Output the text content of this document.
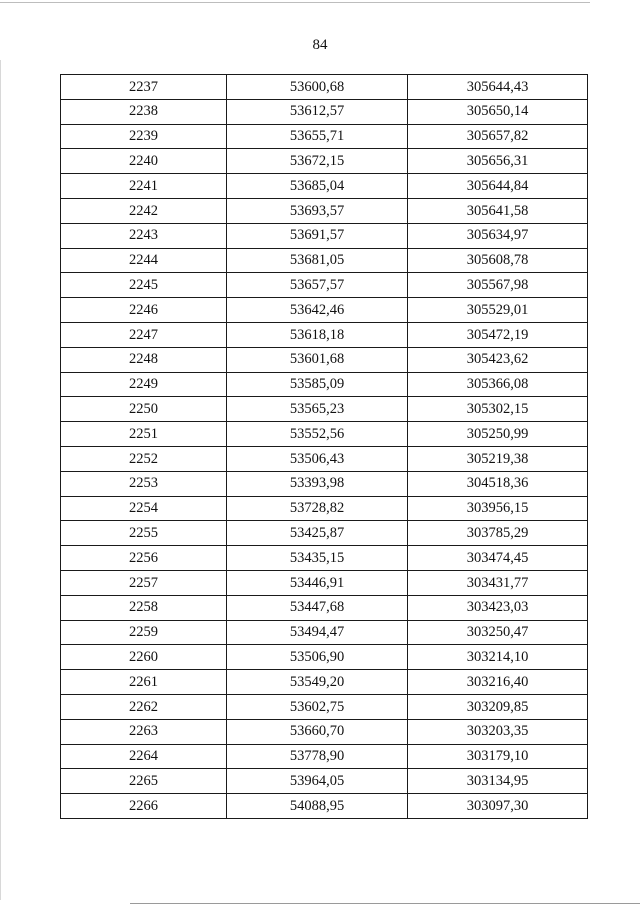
84
2237	53600,68	305644,43
2238	53612,57	305650,14
2239	53655,71	305657,82
2240	53672,15	305656,31
2241	53685,04	305644,84
2242	53693,57	305641,58
2243	53691,57	305634,97
2244	53681,05	305608,78
2245	53657,57	305567,98
2246	53642,46	305529,01
2247	53618,18	305472,19
2248	53601,68	305423,62
2249	53585,09	305366,08
2250	53565,23	305302,15
2251	53552,56	305250,99
2252	53506,43	305219,38
2253	53393,98	304518,36
2254	53728,82	303956,15
2255	53425,87	303785,29
2256	53435,15	303474,45
2257	53446,91	303431,77
2258	53447,68	303423,03
2259	53494,47	303250,47
2260	53506,90	303214,10
2261	53549,20	303216,40
2262	53602,75	303209,85
2263	53660,70	303203,35
2264	53778,90	303179,10
2265	53964,05	303134,95
2266	54088,95	303097,30
